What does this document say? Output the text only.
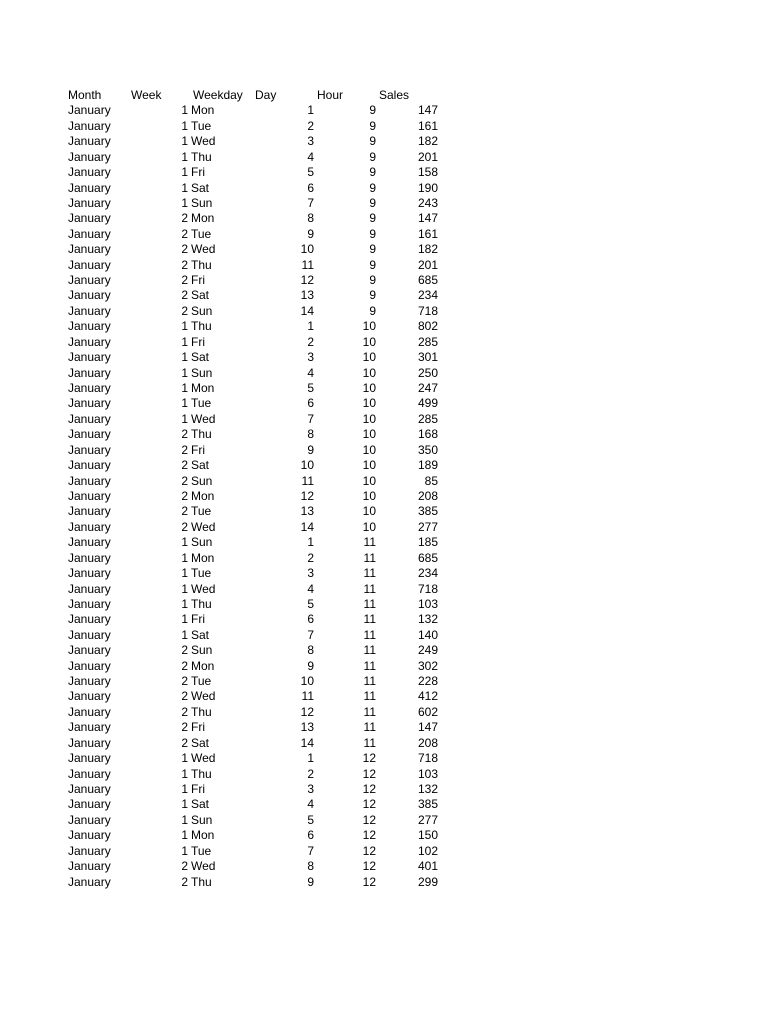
Month Week	Weekday Day	Hour	Sales
January	1 Mon	1	9	147
January	1 Tue	2	9	161
January	1 Wed	3	9	182
January	1 Thu	4	9	201
January	1 Fri	5	9	158
January	1 Sat	6	9	190
January	1 Sun	7	9	243
January	2 Mon	8	9	147
January	2 Tue	9	9	161
January	2 Wed	10	9	182
January	2 Thu	11	9	201
January	2 Fri	12	9	685
January	2 Sat	13	9	234
January	2 Sun	14	9	718
January	1 Thu	1	10	802
January	1 Fri	2	10	285
January	1 Sat	3	10	301
January	1 Sun	4	10	250
January	1 Mon	5	10	247
January	1 Tue	6	10	499
January	1 Wed	7	10	285
January	2 Thu	8	10	168
January	2 Fri	9	10	350
January	2 Sat	10	10	189
January	2 Sun	11	10	85
January	2 Mon	12	10	208
January	2 Tue	13	10	385
January	2 Wed	14	10	277
January	1 Sun	1	11	185
January	1 Mon	2	11	685
January	1 Tue	3	11	234
January	1 Wed	4	11	718
January	1 Thu	5	11	103
January	1 Fri	6	11	132
January	1 Sat	7	11	140
January	2 Sun	8	11	249
January	2 Mon	9	11	302
January	2 Tue	10	11	228
January	2 Wed	11	11	412
January	2 Thu	12	11	602
January	2 Fri	13	11	147
January	2 Sat	14	11	208
January	1 Wed	1	12	718
January	1 Thu	2	12	103
January	1 Fri	3	12	132
January	1 Sat	4	12	385
January	1 Sun	5	12	277
January	1 Mon	6	12	150
January	1 Tue	7	12	102
January	2 Wed	8	12	401
January	2 Thu	9	12	299
